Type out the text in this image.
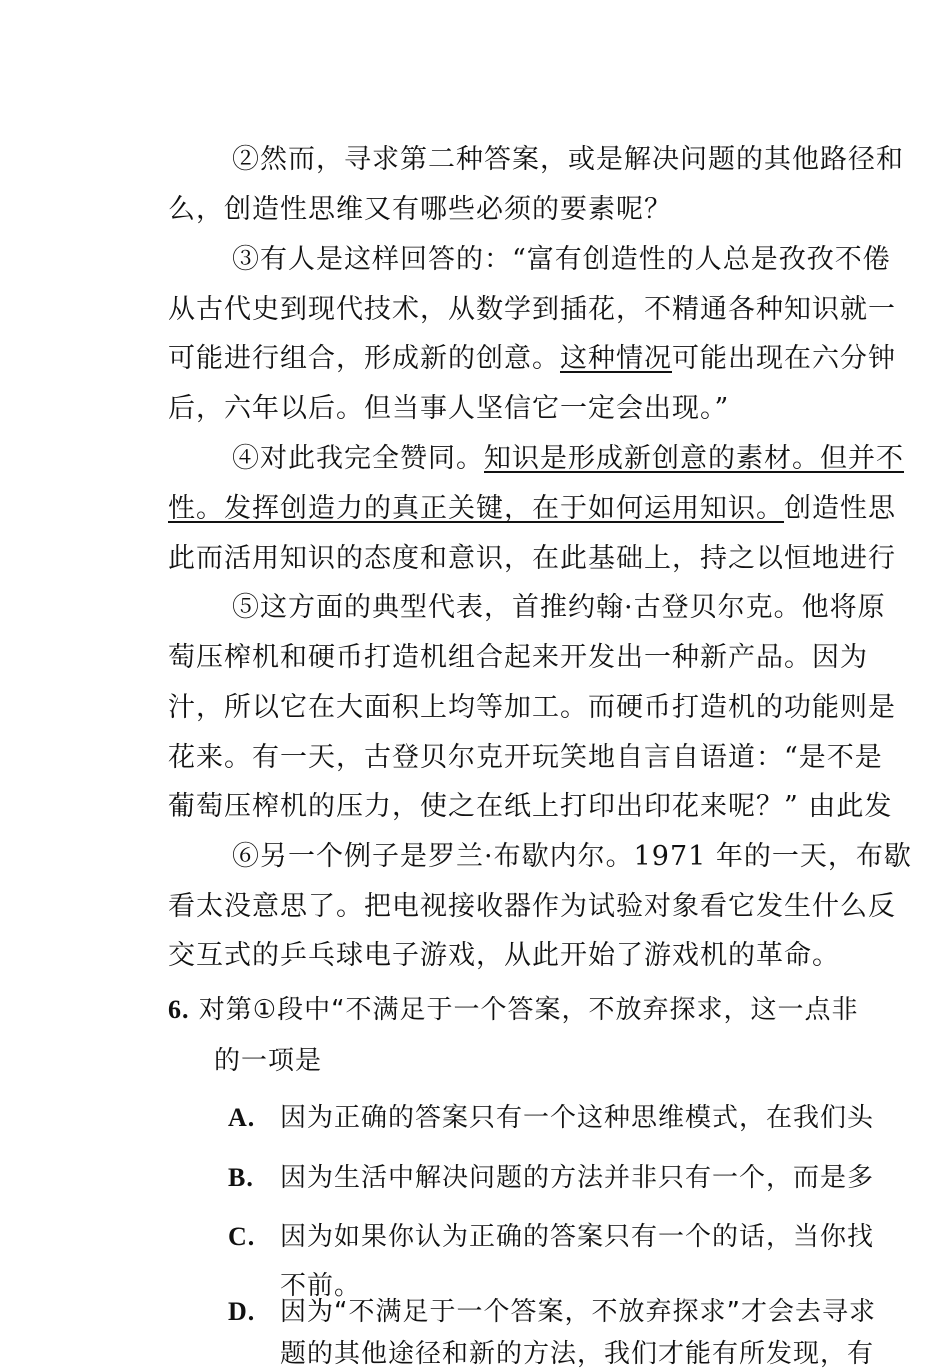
②然而，寻求第二种答案，或是解决问题的其他路径和
么，创造性思维又有哪些必须的要素呢？
③有人是这样回答的：“富有创造性的人总是孜孜不倦
从古代史到现代技术，从数学到插花，不精通各种知识就一
可能进行组合，形成新的创意。这种情况可能出现在六分钟
后，六年以后。但当事人坚信它一定会出现。”
④对此我完全赞同。知识是形成新创意的素材。但并不
性。发挥创造力的真正关键，在于如何运用知识。创造性思
此而活用知识的态度和意识，在此基础上，持之以恒地进行
⑤这方面的典型代表，首推约翰·古登贝尔克。他将原
萄压榨机和硬币打造机组合起来开发出一种新产品。因为
汁，所以它在大面积上均等加工。而硬币打造机的功能则是
花来。有一天，古登贝尔克开玩笑地自言自语道：“是不是
葡萄压榨机的压力，使之在纸上打印出印花来呢？” 由此发
⑥另一个例子是罗兰·布歇内尔。1971 年的一天，布歇
看太没意思了。把电视接收器作为试验对象看它发生什么反
交互式的乒乓球电子游戏，从此开始了游戏机的革命。
6. 对第①段中“不满足于一个答案，不放弃探求，这一点非
的一项是
A. 因为正确的答案只有一个这种思维模式，在我们头
B. 因为生活中解决问题的方法并非只有一个，而是多
C. 因为如果你认为正确的答案只有一个的话，当你找
不前。
D. 因为“不满足于一个答案，不放弃探求”才会去寻求
题的其他途径和新的方法，我们才能有所发现，有
